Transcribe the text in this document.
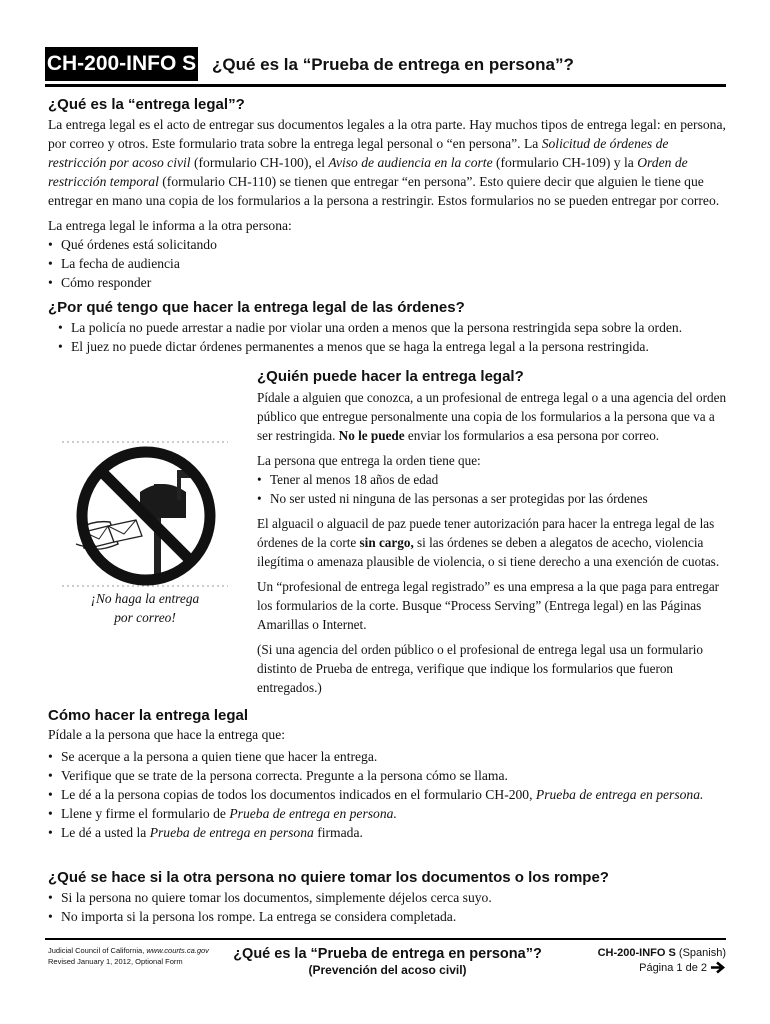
CH-200-INFO S ¿Qué es la “Prueba de entrega en persona”?
¿Qué es la “entrega legal”?

La entrega legal es el acto de entregar sus documentos legales a la otra parte. Hay muchos tipos de entrega legal: en persona, por correo y otros. Este formulario trata sobre la entrega legal personal o “en persona”. La Solicitud de órdenes de restricción por acoso civil (formulario CH-100), el Aviso de audiencia en la corte (formulario CH-109) y la Orden de restricción temporal (formulario CH-110) se tienen que entregar “en persona”. Esto quiere decir que alguien le tiene que entregar en mano una copia de los formularios a la persona a restringir. Estos formularios no se pueden entregar por correo.

La entrega legal le informa a la otra persona:

• Qué órdenes está solicitando
• La fecha de audiencia
• Cómo responder
¿Por qué tengo que hacer la entrega legal de las órdenes?
• La policía no puede arrestar a nadie por violar una orden a menos que la persona restringida sepa sobre la orden.
• El juez no puede dictar órdenes permanentes a menos que se haga la entrega legal a la persona restringida.
¡No haga la entrega
por correo!
¿Quién puede hacer la entrega legal?

Pídale a alguien que conozca, a un profesional de entrega legal o a una agencia del orden público que entregue personalmente una copia de los formularios a la persona que va a ser restringida. No le puede enviar los formularios a esa persona por correo.

La persona que entrega la orden tiene que:

• Tener al menos 18 años de edad
• No ser usted ni ninguna de las personas a ser protegidas por las órdenes

El alguacil o alguacil de paz puede tener autorización para hacer la entrega legal de las órdenes de la corte sin cargo, si las órdenes se deben a alegatos de acecho, violencia ilegítima o amenaza plausible de violencia, o si tiene derecho a una exención de cuotas.

Un “profesional de entrega legal registrado” es una empresa a la que paga para entregar los formularios de la corte. Busque “Process Serving” (Entrega legal) en las Páginas Amarillas o Internet.

(Si una agencia del orden público o el profesional de entrega legal usa un formulario distinto de Prueba de entrega, verifique que indique los formularios que fueron entregados.)

Cómo hacer la entrega legal

Pídale a la persona que hace la entrega que:

• Se acerque a la persona a quien tiene que hacer la entrega.
• Verifique que se trate de la persona correcta. Pregunte a la persona cómo se llama.
• Le dé a la persona copias de todos los documentos indicados en el formulario CH-200, Prueba de entrega en persona.
• Llene y firme el formulario de Prueba de entrega en persona.
• Le dé a usted la Prueba de entrega en persona firmada.
¿Qué se hace si la otra persona no quiere tomar los documentos o los rompe?
• Si la persona no quiere tomar los documentos, simplemente déjelos cerca suyo.
• No importa si la persona los rompe. La entrega se considera completada.
Judicial Council of California, www.courts.ca.gov
Revised January 1, 2012, Optional Form	¿Qué es la “Prueba de entrega en persona”?
(Prevención del acoso civil)
CH-200-INFO S (Spanish)
Página 1 de 2
